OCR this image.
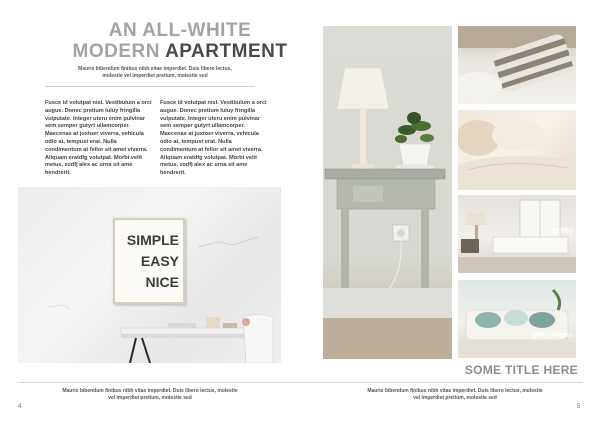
AN ALL-WHITE
MODERN APARTMENT
Mauris bibendum finibus nibh vitae imperdiet. Duis libero lectus,
molestie vel imperdiet pretium, molestie sed
Fusce id volutpat nisl. Vestibulum a orci augue. Donec pretium luluy fringilla vulputate. Integer uteru enim pulvinar sem semper gutyrt ullamcorper. Maecenas at juxtoer viverra, vehicula odio at, tempust erat. Nulla condimentum at fellor sit amet viverra. Aliquam eratdfg volutpat. Morbi velit metus, zodfj alex ac urna sit ame hendrerit.
Fusce id volutpat nisl. Vestibulum a orci augue. Donec pretium luluy fringilla vulputate. Integer uteru enim pulvinar sem semper gutyrt ullamcorper. Maecenas at juxtoer viverra, vehicula odio at, tempust erat. Nulla condimentum at fellor sit amet viverra. Aliquam eratdfg volutpat. Morbi velit metus, zodfj alex ac urna sit ame hendrerit.
SIMPLE
EASY
NICE
getty
gettyimages
SOME TITLE HERE
Mauris bibendum finibus nibh vitae imperdiet. Duis libero lectus, molestie
vel imperdiet pretium, molestie sed
Mauris bibendum finibus nibh vitae imperdiet. Duis libero lectus, molestie
vel imperdiet pretium, molestie sed
4	5
